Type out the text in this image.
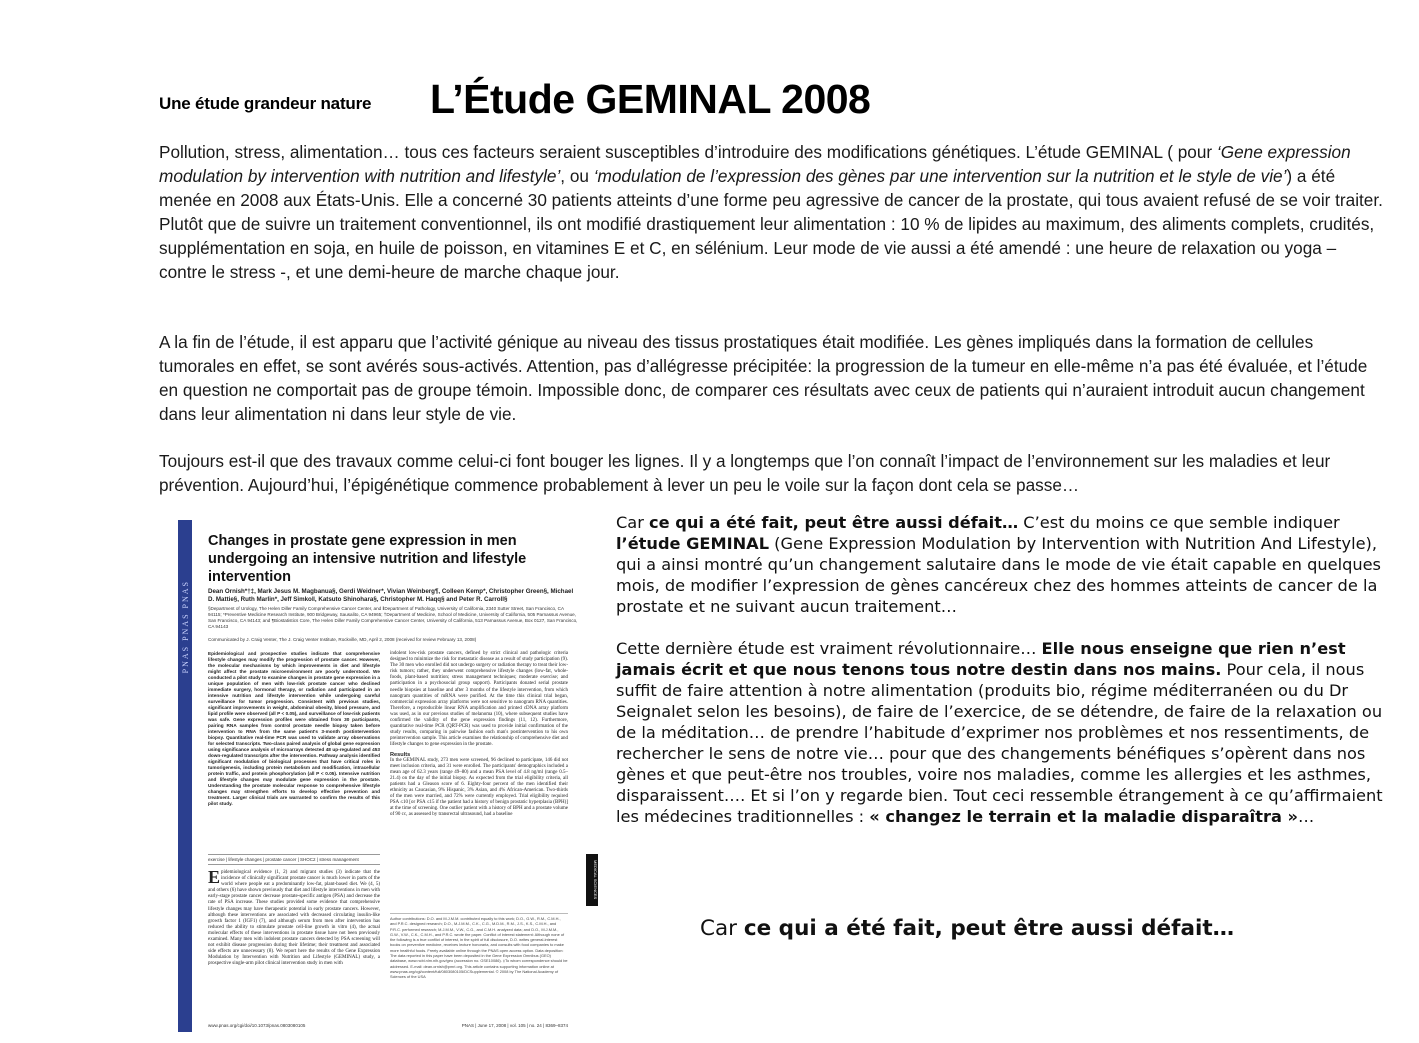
Une étude grandeur nature L’Étude GEMINAL 2008

Pollution, stress, alimentation… tous ces facteurs seraient susceptibles d’introduire des modifications génétiques. L’étude GEMINAL ( pour ‘Gene expression modulation by intervention with nutrition and lifestyle’, ou ‘modulation de l’expression des gènes par une intervention sur la nutrition et le style de vie’) a été menée en 2008 aux États-Unis. Elle a concerné 30 patients atteints d’une forme peu agressive de cancer de la prostate, qui tous avaient refusé de se voir traiter. Plutôt que de suivre un traitement conventionnel, ils ont modifié drastiquement leur alimentation : 10 % de lipides au maximum, des aliments complets, crudités, supplémentation en soja, en huile de poisson, en vitamines E et C, en sélénium. Leur mode de vie aussi a été amendé : une heure de relaxation ou yoga – contre le stress -, et une demi-heure de marche chaque jour.

A la fin de l’étude, il est apparu que l’activité génique au niveau des tissus prostatiques était modifiée. Les gènes impliqués dans la formation de cellules tumorales en effet, se sont avérés sous-activés. Attention, pas d’allégresse précipitée: la progression de la tumeur en elle-même n’a pas été évaluée, et l’étude en question ne comportait pas de groupe témoin. Impossible donc, de comparer ces résultats avec ceux de patients qui n’auraient introduit aucun changement dans leur alimentation ni dans leur style de vie.

Toujours est-il que des travaux comme celui-ci font bouger les lignes. Il y a longtemps que l’on connaît l’impact de l’environnement sur les maladies et leur prévention. Aujourd’hui, l’épigénétique commence probablement à lever un peu le voile sur la façon dont cela se passe…

PNAS PNAS PNAS
MEDICAL SCIENCES
Changes in prostate gene expression in men undergoing an intensive nutrition and lifestyle intervention
Dean Ornish*†‡, Mark Jesus M. Magbanua§, Gerdi Weidner*, Vivian Weinberg¶, Colleen Kemp*, Christopher Green§, Michael D. Mattie§, Ruth Marlin*, Jeff Simko‖, Katsuto Shinohara§, Christopher M. Haqq§ and Peter R. Carroll§
§Department of Urology, The Helen Diller Family Comprehensive Cancer Center, and ‖Department of Pathology, University of California, 2340 Sutter Street, San Francisco, CA 94115; *Preventive Medicine Research Institute, 900 Bridgeway, Sausalito, CA 94965; †Department of Medicine, School of Medicine, University of California, 505 Parnassus Avenue, San Francisco, CA 94143; and ¶Biostatistics Core, The Helen Diller Family Comprehensive Cancer Center, University of California, 513 Parnassus Avenue, Box 0127, San Francisco, CA 94143
Communicated by J. Craig Venter, The J. Craig Venter Institute, Rockville, MD, April 2, 2008 (received for review February 13, 2008)
Epidemiological and prospective studies indicate that comprehensive lifestyle changes may modify the progression of prostate cancer. However, the molecular mechanisms by which improvements in diet and lifestyle might affect the prostate microenvironment are poorly understood. We conducted a pilot study to examine changes in prostate gene expression in a unique population of men with low-risk prostate cancer who declined immediate surgery, hormonal therapy, or radiation and participated in an intensive nutrition and lifestyle intervention while undergoing careful surveillance for tumor progression. Consistent with previous studies, significant improvements in weight, abdominal obesity, blood pressure, and lipid profile were observed (all P < 0.05), and surveillance of low-risk patients was safe. Gene expression profiles were obtained from 30 participants, pairing RNA samples from control prostate needle biopsy taken before intervention to RNA from the same patient's 3-month postintervention biopsy. Quantitative real-time PCR was used to validate array observations for selected transcripts. Two-class paired analysis of global gene expression using significance analysis of microarrays detected 48 up-regulated and 453 down-regulated transcripts after the intervention. Pathway analysis identified significant modulation of biological processes that have critical roles in tumorigenesis, including protein metabolism and modification, intracellular protein traffic, and protein phosphorylation (all P < 0.05). Intensive nutrition and lifestyle changes may modulate gene expression in the prostate. Understanding the prostate molecular response to comprehensive lifestyle changes may strengthen efforts to develop effective prevention and treatment. Larger clinical trials are warranted to confirm the results of this pilot study.
exercise | lifestyle changes | prostate cancer | SHOC2 | stress management
Epidemiological evidence (1, 2) and migrant studies (3) indicate that the incidence of clinically significant prostate cancer is much lower in parts of the world where people eat a predominantly low-fat, plant-based diet. We (4, 5) and others (6) have shown previously that diet and lifestyle interventions in men with early-stage prostate cancer decrease prostate-specific antigen (PSA) and decrease the rate of PSA increase. These studies provided some evidence that comprehensive lifestyle changes may have therapeutic potential in early prostate cancers. However, although these interventions are associated with decreased circulating insulin-like growth factor 1 (IGF1) (7), and although serum from men after intervention has reduced the ability to stimulate prostate cell-line growth in vitro (4), the actual molecular effects of these interventions in prostate tissue have not been previously examined. Many men with indolent prostate cancers detected by PSA screening will not exhibit disease progression during their lifetime; their treatment and associated side effects are unnecessary (8). We report here the results of the Gene Expression Modulation by Intervention with Nutrition and Lifestyle (GEMINAL) study, a prospective single-arm pilot clinical intervention study in men with
indolent low-risk prostate cancers, defined by strict clinical and pathologic criteria designed to minimize the risk for metastatic disease as a result of study participation (9). The 30 men who enrolled did not undergo surgery or radiation therapy to treat their low-risk tumors; rather, they underwent comprehensive lifestyle changes (low-fat, whole-foods, plant-based nutrition; stress management techniques; moderate exercise; and participation in a psychosocial group support). Participants donated serial prostate needle biopsies at baseline and after 3 months of the lifestyle intervention, from which nanogram quantities of mRNA were purified. At the time this clinical trial began, commercial expression array platforms were not sensitive to nanogram RNA quantities. Therefore, a reproducible linear RNA amplification and printed cDNA array platform was used, as in our previous studies of melanoma (10), where subsequent studies have confirmed the validity of the gene expression findings (11, 12). Furthermore, quantitative real-time PCR (QRT-PCR) was used to provide initial confirmation of the study results, comparing in pairwise fashion each man's postintervention to his own preintervention sample. This article examines the relationship of comprehensive diet and lifestyle changes to gene expression in the prostate.
Results
In the GEMINAL study, 273 men were screened, 96 declined to participate, 146 did not meet inclusion criteria, and 31 were enrolled. The participants' demographics included a mean age of 62.3 years (range 49–80) and a mean PSA level of 4.8 ng/ml (range 0.5–21.4) on the day of the initial biopsy. As expected from the trial eligibility criteria, all patients had a Gleason score of 6. Eighty-four percent of the men identified their ethnicity as Caucasian, 9% Hispanic, 3% Asian, and 4% African-American. Two-thirds of the men were married, and 72% were currently employed. Trial eligibility required PSA ≤10 [or PSA ≤15 if the patient had a history of benign prostatic hyperplasia (BPH)] at the time of screening. One outlier patient with a history of BPH and a prostate volume of 90 cc, as assessed by transrectal ultrasound, had a baseline
Author contributions: D.O. and M.J.M.M. contributed equally to this work; D.O., G.W., R.M., C.M.H., and P.R.C. designed research; D.O., M.J.M.M., C.K., C.G., M.D.M., R.M., J.S., K.S., C.M.H., and P.R.C. performed research; M.J.M.M., V.W., C.G., and C.M.H. analyzed data; and D.O., M.J.M.M., G.W., V.W., C.K., C.M.H., and P.R.C. wrote the paper. Conflict of interest statement: Although none of the following is a true conflict of interest, in the spirit of full disclosure, D.O. writes general-interest books on preventive medicine, receives lecture honoraria, and consults with food companies to make more healthful foods. Freely available online through the PNAS open access option. Data deposition: The data reported in this paper have been deposited in the Gene Expression Omnibus (GEO) database, www.ncbi.nlm.nih.gov/geo (accession no. GSE10086). ‡To whom correspondence should be addressed. E-mail: dean.ornish@pmri.org. This article contains supporting information online at www.pnas.org/cgi/content/full/0803080105/DCSupplemental. © 2008 by The National Academy of Sciences of the USA
www.pnas.org/cgi/doi/10.1073/pnas.0803080105	PNAS | June 17, 2008 | vol. 105 | no. 24 | 8369–8374

Car ce qui a été fait, peut être aussi défait… C’est du moins ce que semble indiquer l’étude GEMINAL (Gene Expression Modulation by Intervention with Nutrition And Lifestyle), qui a ainsi montré qu’un changement salutaire dans le mode de vie était capable en quelques mois, de modifier l’expression de gènes cancéreux chez des hommes atteints de cancer de la prostate et ne suivant aucun traitement…

Cette dernière étude est vraiment révolutionnaire… Elle nous enseigne que rien n’est jamais écrit et que nous tenons tous notre destin dans nos mains. Pour cela, il nous suffit de faire attention à notre alimentation (produits bio, régime méditerranéen ou du Dr Seignalet selon les besoins), de faire de l’exercice, de se détendre, de faire de la relaxation ou de la méditation… de prendre l’habitude d’exprimer nos problèmes et nos ressentiments, de rechercher le sens de notre vie… pour que des changements bénéfiques s’opèrent dans nos gènes et que peut-être nos troubles, voire nos maladies, comme les allergies et les asthmes, disparaissent…. Et si l’on y regarde bien. Tout ceci ressemble étrangement à ce qu’affirmaient les médecines traditionnelles : « changez le terrain et la maladie disparaîtra »…

Car ce qui a été fait, peut être aussi défait…
